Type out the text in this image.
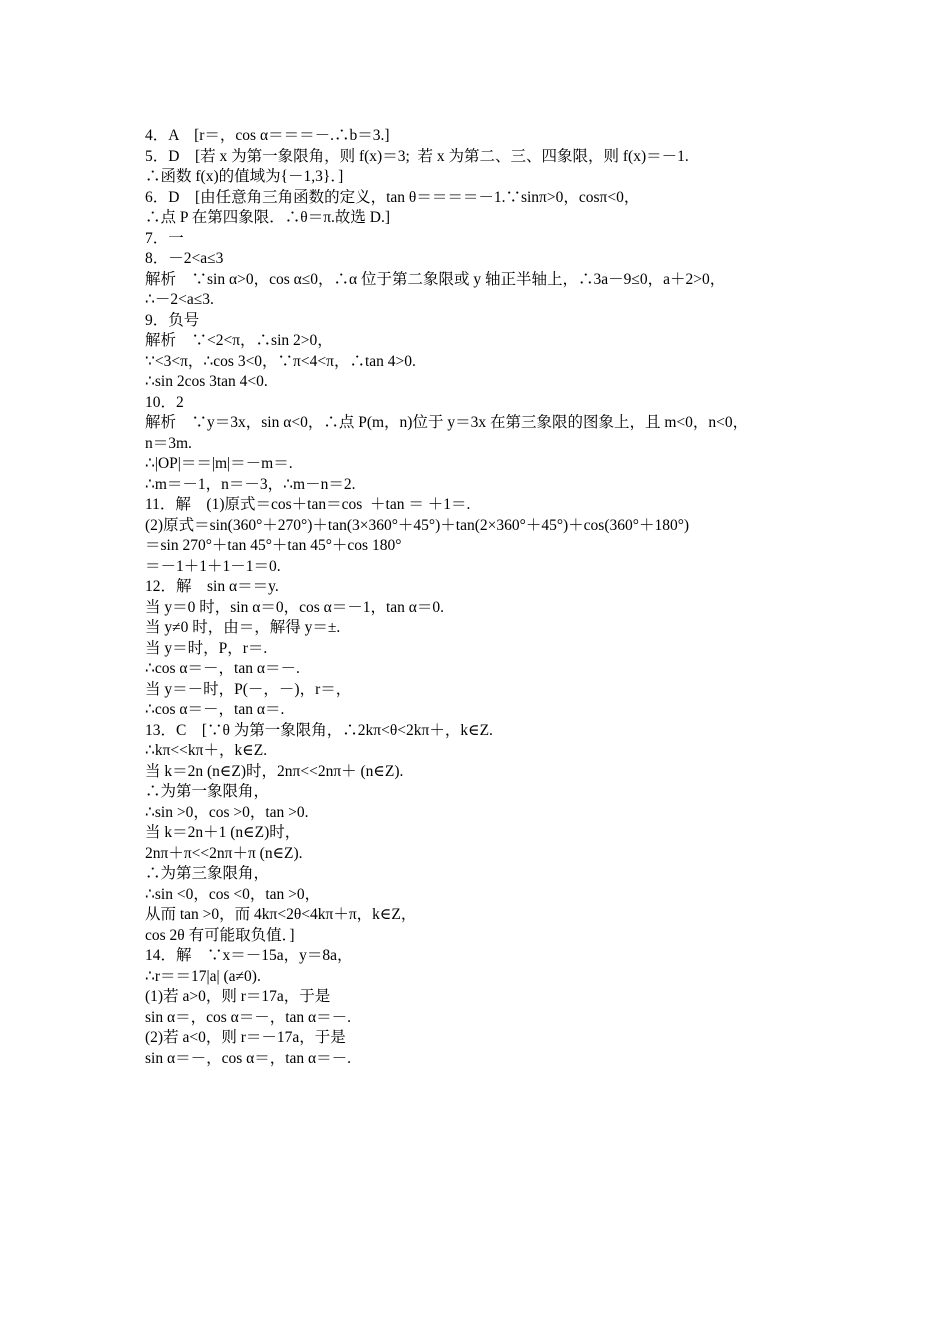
4．A　[r＝，cos α＝＝＝－.∴b＝3.]
5．D　[若 x 为第一象限角，则 f(x)＝3;  若 x 为第二、三、四象限，则 f(x)＝－1.
∴函数 f(x)的值域为{－1,3}．]
6．D　[由任意角三角函数的定义，tan θ＝＝＝＝－1.∵sinπ>0，cosπ<0，
∴点 P 在第四象限．∴θ＝π.故选 D.]
7．一
8．－2<a≤3
解析　∵sin α>0，cos α≤0，∴α 位于第二象限或 y 轴正半轴上，∴3a－9≤0，a＋2>0，
∴－2<a≤3.
9．负号
解析　∵<2<π，∴sin 2>0，
∵<3<π，∴cos 3<0，∵π<4<π，∴tan 4>0.
∴sin 2cos 3tan 4<0.
10．2
解析　∵y＝3x，sin α<0，∴点 P(m，n)位于 y＝3x 在第三象限的图象上，且 m<0，n<0，
n＝3m.
∴|OP|＝＝|m|＝－m＝.
∴m＝－1，n＝－3，∴m－n＝2.
11．解　(1)原式＝cos＋tan＝cos  ＋tan ＝ ＋1＝.
(2)原式＝sin(360°＋270°)＋tan(3×360°＋45°)＋tan(2×360°＋45°)＋cos(360°＋180°)
＝sin 270°＋tan 45°＋tan 45°＋cos 180°
＝－1＋1＋1－1＝0.
12．解　sin α＝＝y.
当 y＝0 时，sin α＝0，cos α＝－1，tan α＝0.
当 y≠0 时，由＝，解得 y＝±.
当 y＝时，P，r＝.
∴cos α＝－，tan α＝－.
当 y＝－时，P(－，－)，r＝，
∴cos α＝－，tan α＝.
13．C　[∵θ 为第一象限角，∴2kπ<θ<2kπ＋，k∈Z.
∴kπ<<kπ＋，k∈Z.
当 k＝2n (n∈Z)时，2nπ<<2nπ＋ (n∈Z).
∴为第一象限角，
∴sin >0，cos >0，tan >0.
当 k＝2n＋1 (n∈Z)时，
2nπ＋π<<2nπ＋π (n∈Z).
∴为第三象限角，
∴sin <0，cos <0，tan >0，
从而 tan >0，而 4kπ<2θ<4kπ＋π，k∈Z，
cos 2θ 有可能取负值．]
14．解　∵x＝－15a，y＝8a，
∴r＝＝17|a| (a≠0).
(1)若 a>0，则 r＝17a，于是
sin α＝，cos α＝－，tan α＝－.
(2)若 a<0，则 r＝－17a，于是
sin α＝－，cos α＝，tan α＝－.
